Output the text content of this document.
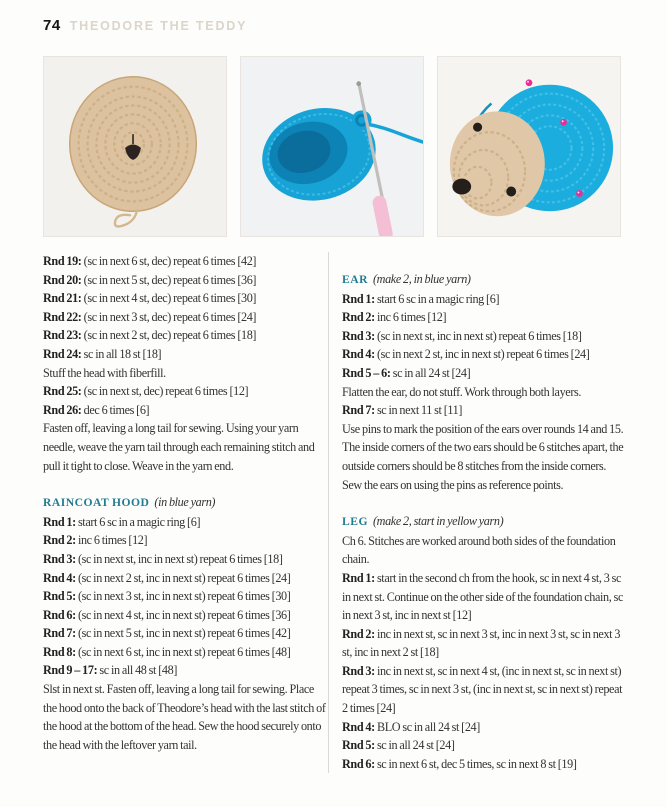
74 THEODORE THE TEDDY

Rnd 19: (sc in next 6 st, dec) repeat 6 times [42]

Rnd 20: (sc in next 5 st, dec) repeat 6 times [36]

Rnd 21: (sc in next 4 st, dec) repeat 6 times [30]

Rnd 22: (sc in next 3 st, dec) repeat 6 times [24]

Rnd 23: (sc in next 2 st, dec) repeat 6 times [18]

Rnd 24: sc in all 18 st [18]

Stuff the head with fiberfill.

Rnd 25: (sc in next st, dec) repeat 6 times [12]

Rnd 26: dec 6 times [6]

Fasten off, leaving a long tail for sewing. Using your yarn needle, weave the yarn tail through each remaining stitch and pull it tight to close. Weave in the yarn end.

RAINCOAT HOOD (in blue yarn)

Rnd 1: start 6 sc in a magic ring [6]

Rnd 2: inc 6 times [12]

Rnd 3: (sc in next st, inc in next st) repeat 6 times [18]

Rnd 4: (sc in next 2 st, inc in next st) repeat 6 times [24]

Rnd 5: (sc in next 3 st, inc in next st) repeat 6 times [30]

Rnd 6: (sc in next 4 st, inc in next st) repeat 6 times [36]

Rnd 7: (sc in next 5 st, inc in next st) repeat 6 times [42]

Rnd 8: (sc in next 6 st, inc in next st) repeat 6 times [48]

Rnd 9 – 17: sc in all 48 st [48]

Slst in next st. Fasten off, leaving a long tail for sewing. Place the hood onto the back of Theodore’s head with the last stitch of the hood at the bottom of the head. Sew the hood securely onto the head with the leftover yarn tail.

EAR (make 2, in blue yarn)

Rnd 1: start 6 sc in a magic ring [6]

Rnd 2: inc 6 times [12]

Rnd 3: (sc in next st, inc in next st) repeat 6 times [18]

Rnd 4: (sc in next 2 st, inc in next st) repeat 6 times [24]

Rnd 5 – 6: sc in all 24 st [24]

Flatten the ear, do not stuff. Work through both layers.

Rnd 7: sc in next 11 st [11]

Use pins to mark the position of the ears over rounds 14 and 15. The inside corners of the two ears should be 6 stitches apart, the outside corners should be 8 stitches from the inside corners. Sew the ears on using the pins as reference points.

LEG (make 2, start in yellow yarn)

Ch 6. Stitches are worked around both sides of the foundation chain.

Rnd 1: start in the second ch from the hook, sc in next 4 st, 3 sc in next st. Continue on the other side of the foundation chain, sc in next 3 st, inc in next st [12]

Rnd 2: inc in next st, sc in next 3 st, inc in next 3 st, sc in next 3 st, inc in next 2 st [18]

Rnd 3: inc in next st, sc in next 4 st, (inc in next st, sc in next st) repeat 3 times, sc in next 3 st, (inc in next st, sc in next st) repeat 2 times [24]

Rnd 4: BLO sc in all 24 st [24]

Rnd 5: sc in all 24 st [24]

Rnd 6: sc in next 6 st, dec 5 times, sc in next 8 st [19]
